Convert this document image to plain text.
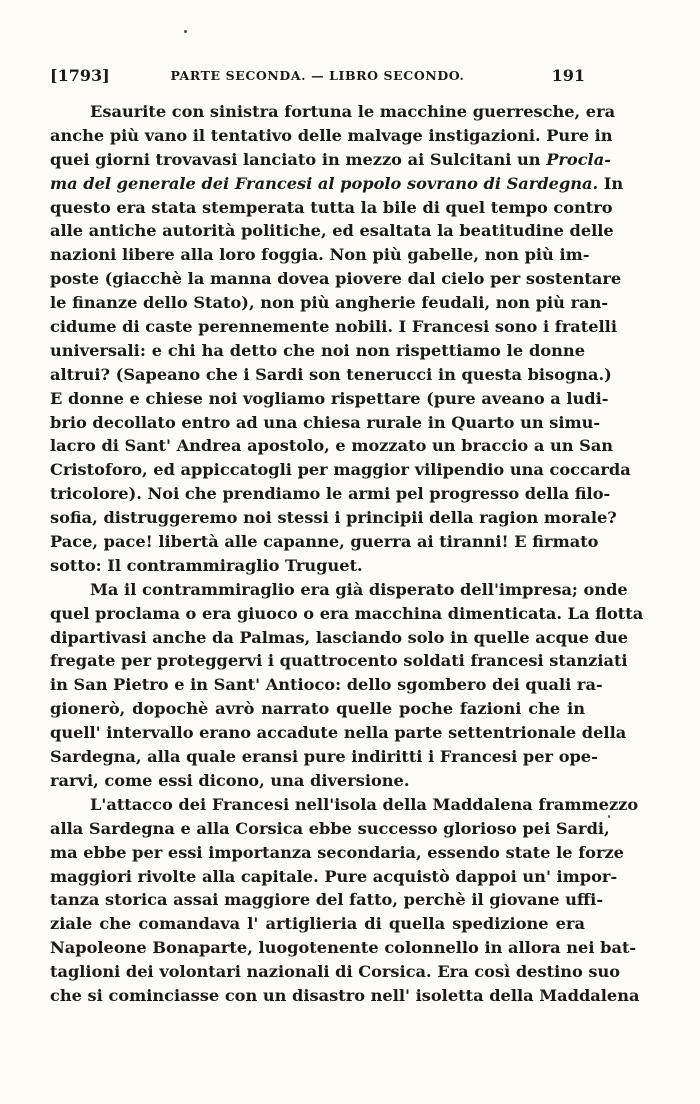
[1793]	PARTE SECONDA. — LIBRO SECONDO.	191
Esaurite con sinistra fortuna le macchine guerresche, era
anche più vano il tentativo delle malvage instigazioni. Pure in
quei giorni trovavasi lanciato in mezzo ai Sulcitani un Procla-
ma del generale dei Francesi al popolo sovrano di Sardegna. In
questo era stata stemperata tutta la bile di quel tempo contro
alle antiche autorità politiche, ed esaltata la beatitudine delle
nazioni libere alla loro foggia. Non più gabelle, non più im-
poste (giacchè la manna dovea piovere dal cielo per sostentare
le finanze dello Stato), non più angherie feudali, non più ran-
cidume di caste perennemente nobili. I Francesi sono i fratelli
universali: e chi ha detto che noi non rispettiamo le donne
altrui? (Sapeano che i Sardi son tenerucci in questa bisogna.)
E donne e chiese noi vogliamo rispettare (pure aveano a ludi-
brio decollato entro ad una chiesa rurale in Quarto un simu-
lacro di Sant' Andrea apostolo, e mozzato un braccio a un San
Cristoforo, ed appiccatogli per maggior vilipendio una coccarda
tricolore). Noi che prendiamo le armi pel progresso della filo-
sofia, distruggeremo noi stessi i principii della ragion morale?
Pace, pace! libertà alle capanne, guerra ai tiranni! E firmato
sotto: Il contrammiraglio Truguet.
Ma il contrammiraglio era già disperato dell'impresa; onde
quel proclama o era giuoco o era macchina dimenticata. La flotta
dipartivasi anche da Palmas, lasciando solo in quelle acque due
fregate per proteggervi i quattrocento soldati francesi stanziati
in San Pietro e in Sant' Antioco: dello sgombero dei quali ra-
gionerò, dopochè avrò narrato quelle poche fazioni che in
quell' intervallo erano accadute nella parte settentrionale della
Sardegna, alla quale eransi pure indiritti i Francesi per ope-
rarvi, come essi dicono, una diversione.
L'attacco dei Francesi nell'isola della Maddalena frammezzo
alla Sardegna e alla Corsica ebbe successo glorioso pei Sardi,
ma ebbe per essi importanza secondaria, essendo state le forze
maggiori rivolte alla capitale. Pure acquistò dappoi un' impor-
tanza storica assai maggiore del fatto, perchè il giovane uffi-
ziale che comandava l' artiglieria di quella spedizione era
Napoleone Bonaparte, luogotenente colonnello in allora nei bat-
taglioni dei volontari nazionali di Corsica. Era così destino suo
che si cominciasse con un disastro nell' isoletta della Maddalena
